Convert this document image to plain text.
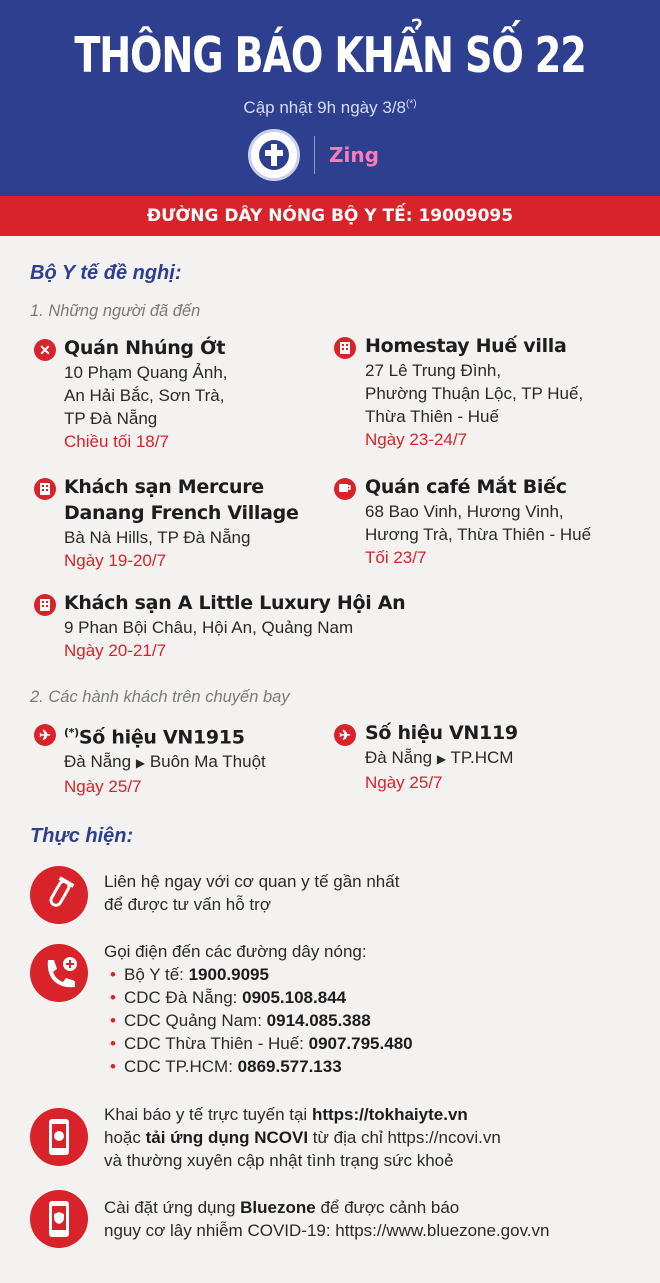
THÔNG BÁO KHẨN SỐ 22
Cập nhật 9h ngày 3/8(*)
Zing
ĐƯỜNG DÂY NÓNG BỘ Y TẾ: 19009095
Bộ Y tế đề nghị:
1. Những người đã đến
✕ Quán Nhúng Ớt
10 Phạm Quang Ảnh,
An Hải Bắc, Sơn Trà,
TP Đà Nẵng
Chiều tối 18/7
Homestay Huế villa
27 Lê Trung Đình,
Phường Thuận Lộc, TP Huế,
Thừa Thiên - Huế
Ngày 23-24/7
Khách sạn Mercure
Danang French Village
Bà Nà Hills, TP Đà Nẵng
Ngày 19-20/7
Quán café Mắt Biếc
68 Bao Vinh, Hương Vinh,
Hương Trà, Thừa Thiên - Huế
Tối 23/7
Khách sạn A Little Luxury Hội An
9 Phan Bội Châu, Hội An, Quảng Nam
Ngày 20-21/7
2. Các hành khách trên chuyến bay
✈	(*)Số hiệu VN1915
Đà Nẵng ▶ Buôn Ma Thuột
Ngày 25/7
✈ Số hiệu VN119
Đà Nẵng ▶ TP.HCM
Ngày 25/7
Thực hiện:
Liên hệ ngay với cơ quan y tế gần nhất
để được tư vấn hỗ trợ
Gọi điện đến các đường dây nóng:
• Bộ Y tế: 1900.9095
• CDC Đà Nẵng: 0905.108.844
• CDC Quảng Nam: 0914.085.388
• CDC Thừa Thiên - Huế: 0907.795.480
• CDC TP.HCM: 0869.577.133
Khai báo y tế trực tuyến tại https://tokhaiyte.vn
hoặc tải ứng dụng NCOVI từ địa chỉ https://ncovi.vn
và thường xuyên cập nhật tình trạng sức khoẻ
Cài đặt ứng dụng Bluezone để được cảnh báo
nguy cơ lây nhiễm COVID-19: https://www.bluezone.gov.vn
